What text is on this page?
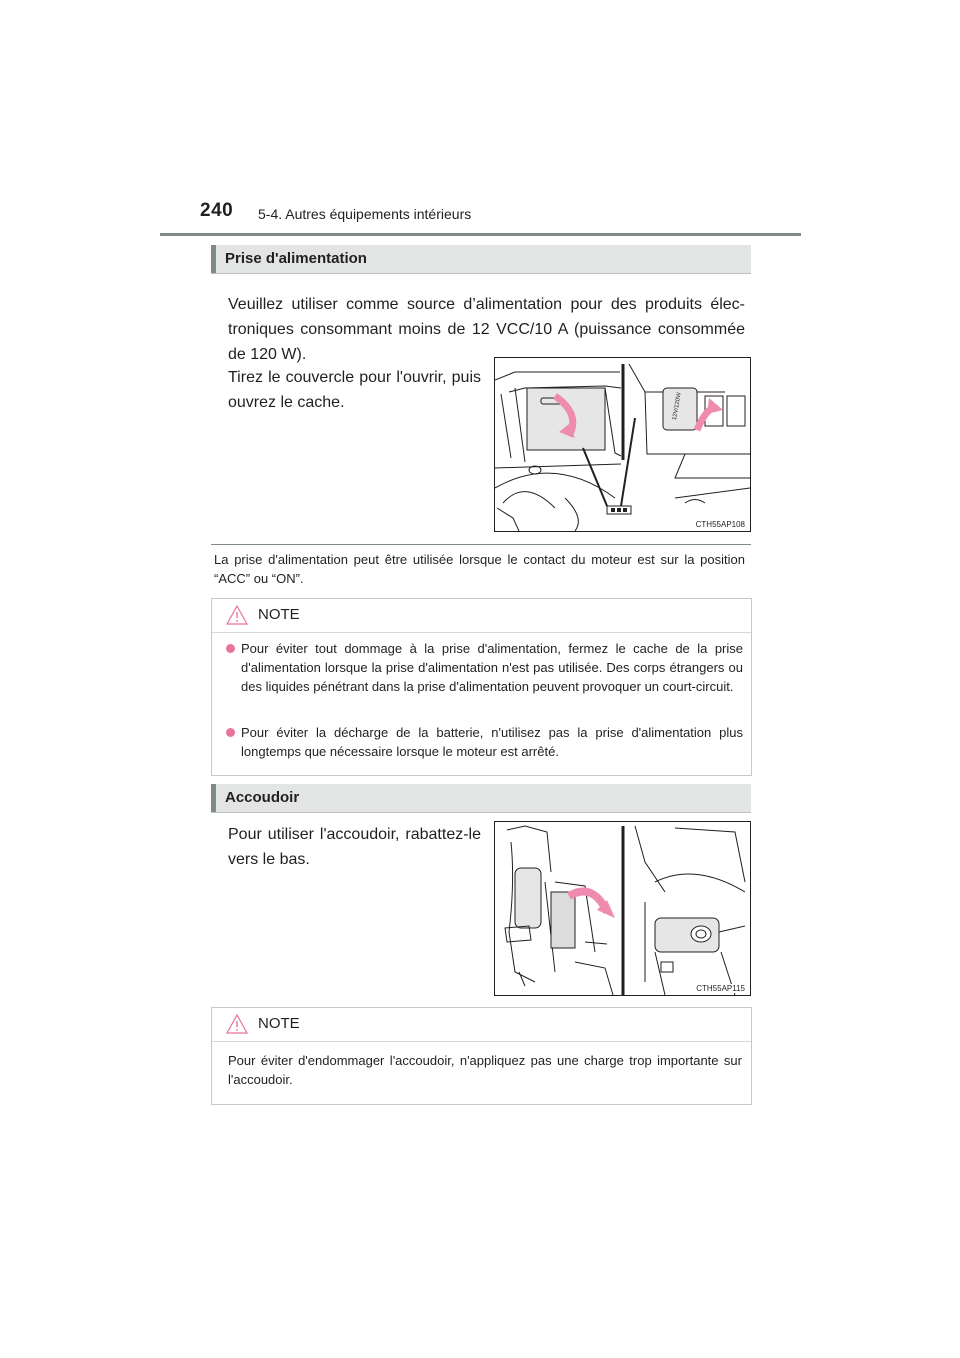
240 5-4. Autres équipements intérieurs
Prise d'alimentation
Veuillez utiliser comme source d’alimentation pour des produits électroniques consommant moins de 12 VCC/10 A (puissance consommée de 120 W).
Tirez le couvercle pour l'ouvrir, puis ouvrez le cache.	12V/120W
CTH55AP108
La prise d'alimentation peut être utilisée lorsque le contact du moteur est sur la position “ACC” ou “ON”.
NOTE
Pour éviter tout dommage à la prise d'alimentation, fermez le cache de la prise d'alimentation lorsque la prise d'alimentation n'est pas utilisée. Des corps étrangers ou des liquides pénétrant dans la prise d'alimentation peuvent provoquer un court-circuit.
Pour éviter la décharge de la batterie, n'utilisez pas la prise d'alimentation plus longtemps que nécessaire lorsque le moteur est arrêté.
Accoudoir
Pour utiliser l'accoudoir, rabattez-le vers le bas.
CTH55AP115
NOTE
Pour éviter d'endommager l'accoudoir, n'appliquez pas une charge trop importante sur l'accoudoir.
